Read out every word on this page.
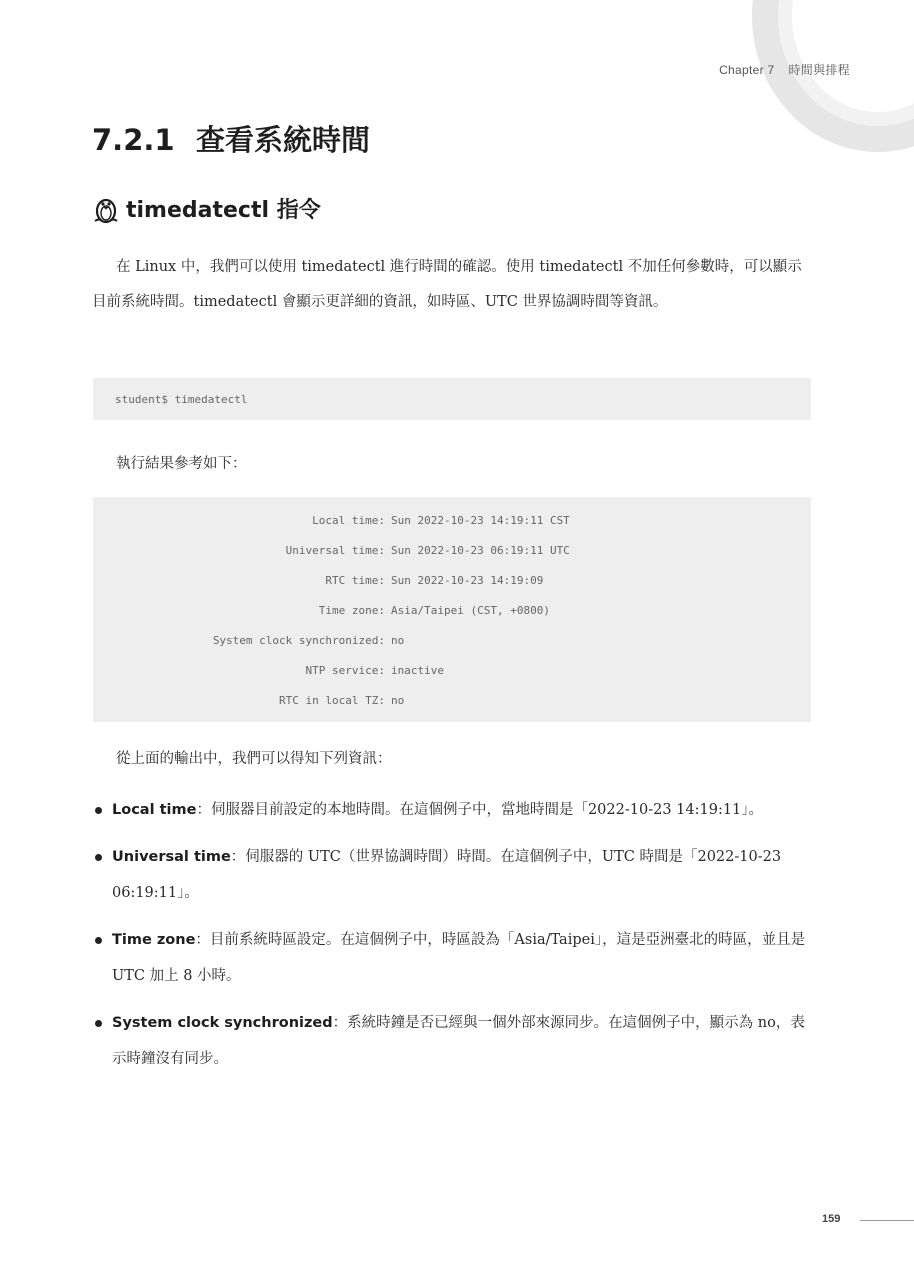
Chapter 7 時間與排程
7.2.1 查看系統時間
timedatectl 指令

在 Linux 中，我們可以使用 timedatectl 進行時間的確認。使用 timedatectl 不加任何參數時，可以顯示目前系統時間。timedatectl 會顯示更詳細的資訊，如時區、UTC 世界協調時間等資訊。

student$ timedatectl

執行結果參考如下：

Local time: Sun 2022-10-23 14:19:11 CST
Universal time: Sun 2022-10-23 06:19:11 UTC
RTC time: Sun 2022-10-23 14:19:09
Time zone: Asia/Taipei (CST, +0800)
System clock synchronized: no
NTP service: inactive
RTC in local TZ: no

從上面的輸出中，我們可以得知下列資訊：

Local time：伺服器目前設定的本地時間。在這個例子中，當地時間是「2022-10-23 14:19:11」。
Universal time：伺服器的 UTC（世界協調時間）時間。在這個例子中，UTC 時間是「2022-10-23 06:19:11」。
Time zone：目前系統時區設定。在這個例子中，時區設為「Asia/Taipei」，這是亞洲臺北的時區，並且是 UTC 加上 8 小時。
System clock synchronized：系統時鐘是否已經與一個外部來源同步。在這個例子中，顯示為 no，表示時鐘沒有同步。
159
